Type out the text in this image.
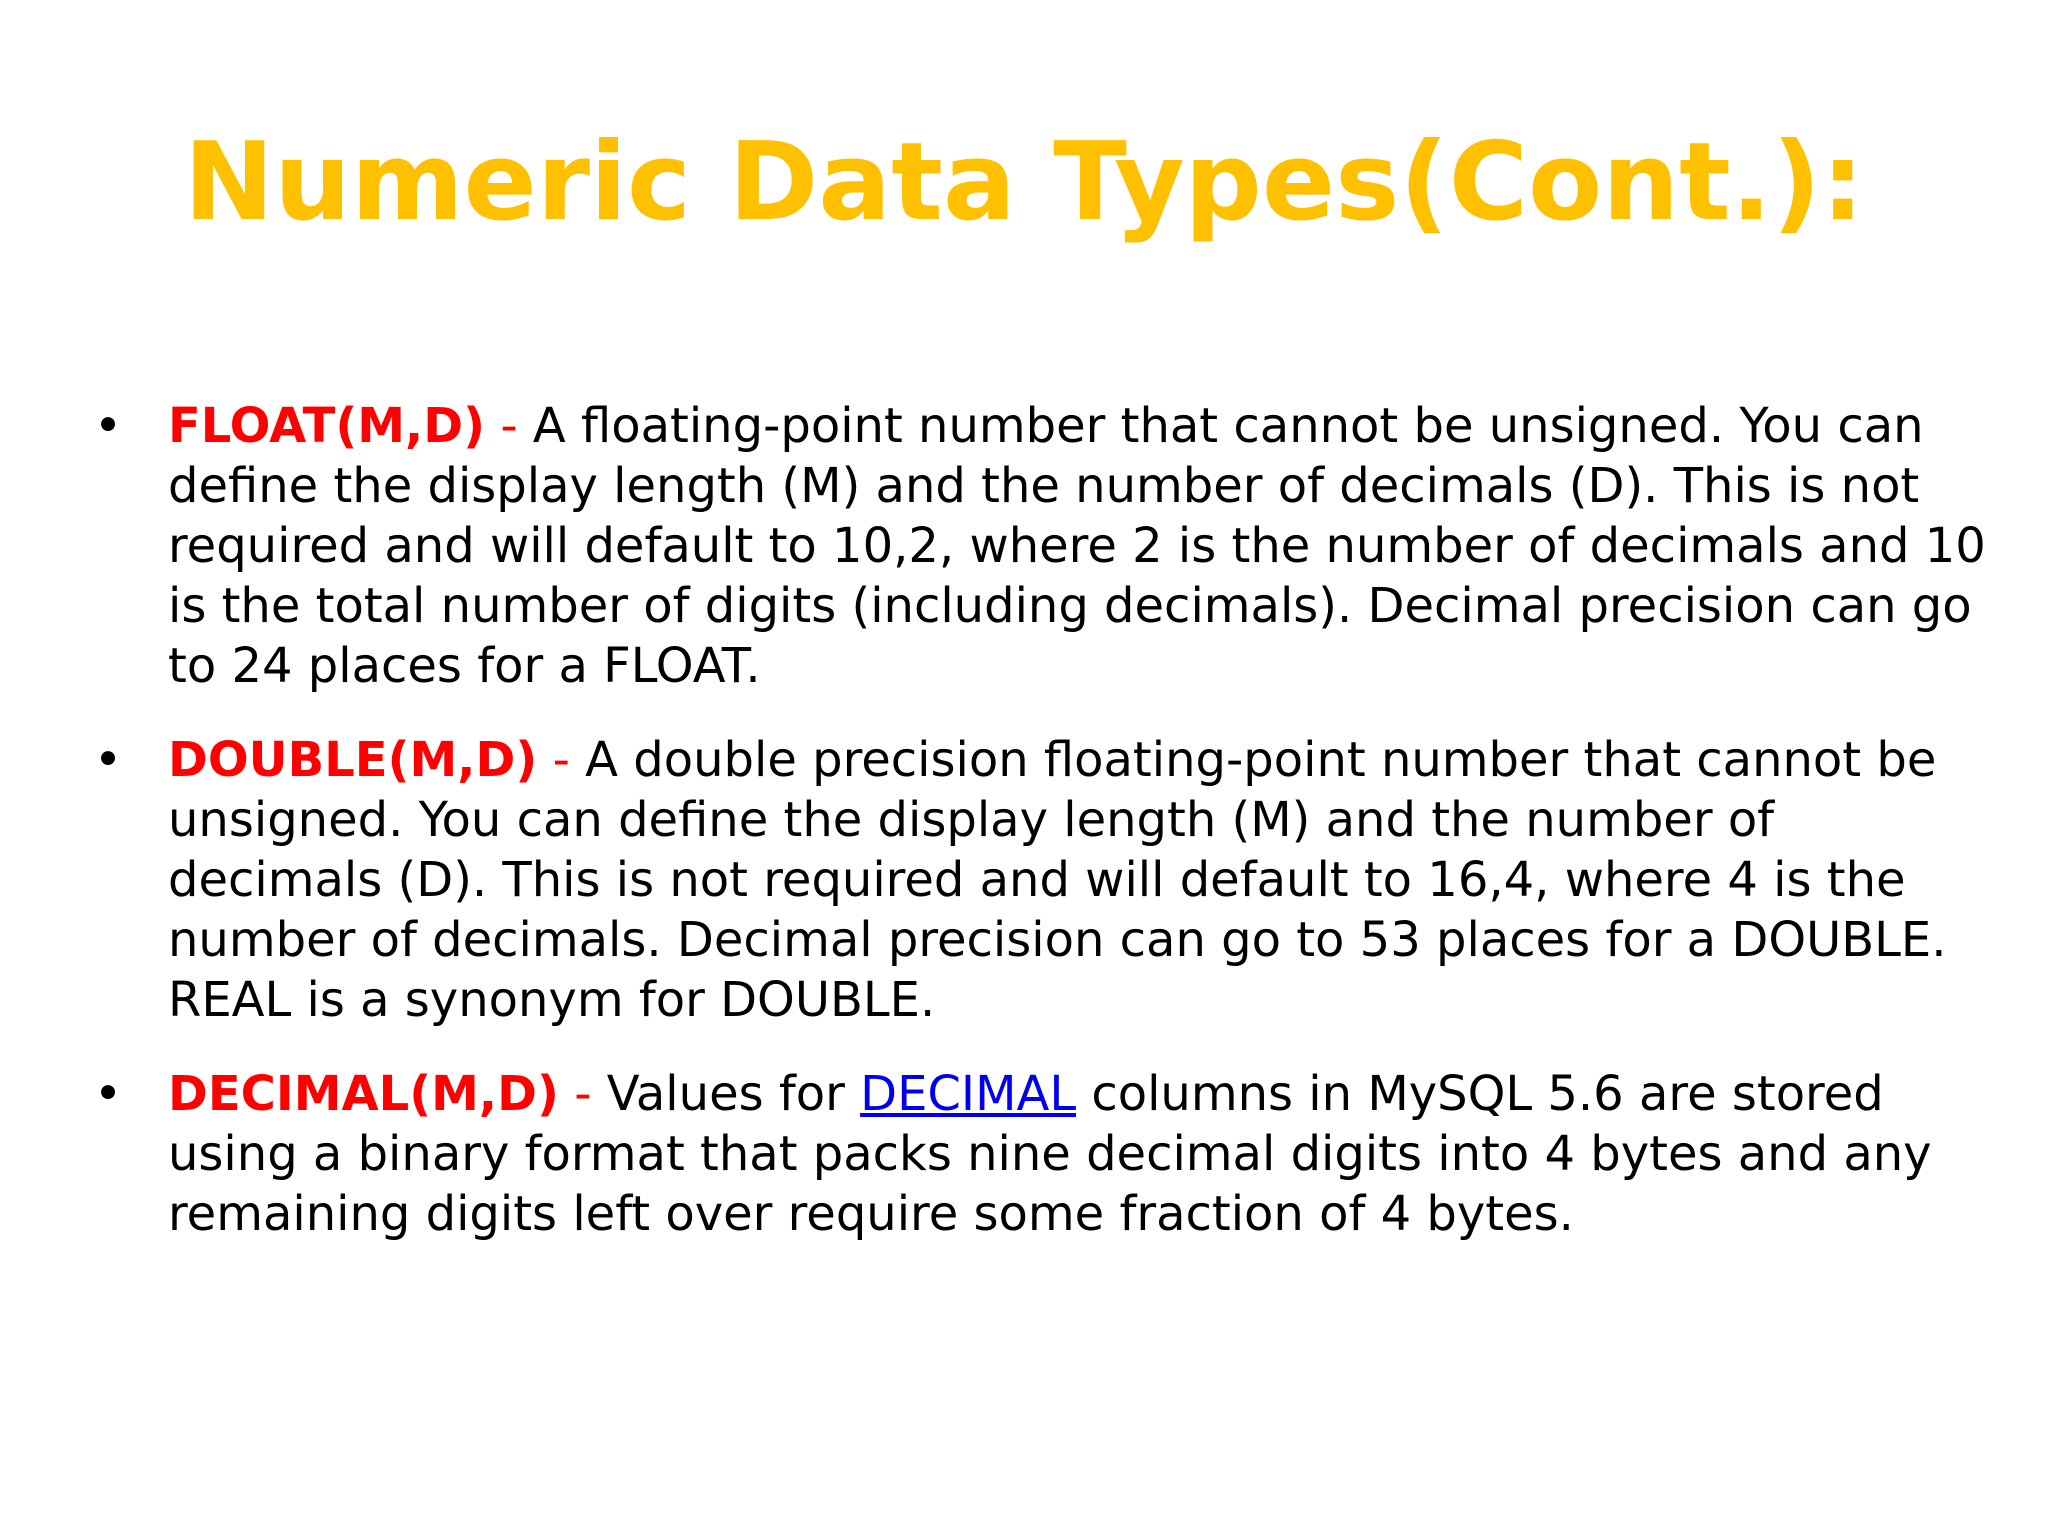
Numeric Data Types(Cont.):
• FLOAT(M,D) - A floating-point number that cannot be unsigned. You can define the display length (M) and the number of decimals (D). This is not required and will default to 10,2, where 2 is the number of decimals and 10 is the total number of digits (including decimals). Decimal precision can go to 24 places for a FLOAT.
• DOUBLE(M,D) - A double precision floating-point number that cannot be unsigned. You can define the display length (M) and the number of decimals (D). This is not required and will default to 16,4, where 4 is the number of decimals. Decimal precision can go to 53 places for a DOUBLE. REAL is a synonym for DOUBLE.
• DECIMAL(M,D) - Values for DECIMAL columns in MySQL 5.6 are stored using a binary format that packs nine decimal digits into 4 bytes and any remaining digits left over require some fraction of 4 bytes.
